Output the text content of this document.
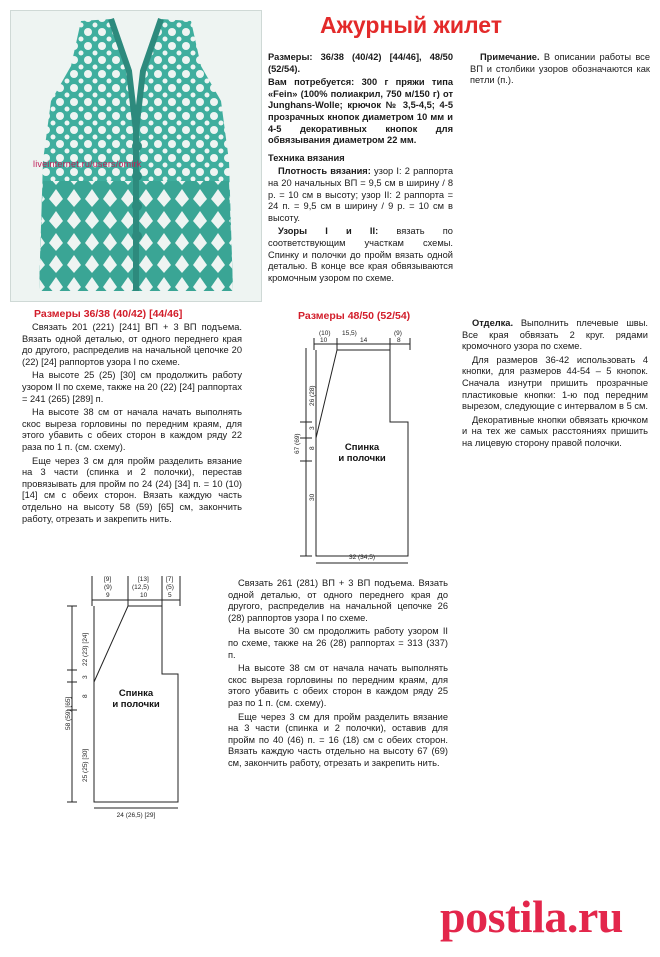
liveinternet.ru/users/omirk
Ажурный жилет

Размеры: 36/38 (40/42) [44/46], 48/50 (52/54).

Вам потребуется: 300 г пряжи типа «Fein» (100% полиакрил, 750 м/150 г) от Junghans-Wolle; крючок № 3,5-4,5; 4-5 прозрачных кнопок диаметром 10 мм и 4-5 декоративных кнопок для обвязывания диаметром 22 мм.

Техника вязания

Плотность вязания: узор I: 2 раппорта на 20 начальных ВП = 9,5 см в ширину / 8 р. = 10 см в высоту; узор II: 2 раппорта = 24 п. = 9,5 см в ширину / 9 р. = 10 см в высоту.

Узоры I и II: вязать по соответствующим участкам схемы. Спинку и полочки до пройм вязать одной деталью. В конце все края обвязываются кромочным узором по схеме.

Примечание. В описании работы все ВП и столбики узоров обозначаются как петли (п.).

Размеры 36/38 (40/42) [44/46]

Связать 201 (221) [241] ВП + 3 ВП подъема. Вязать одной деталью, от одного переднего края до другого, распределив на начальной цепочке 20 (22) [24] раппортов узора I по схеме.

На высоте 25 (25) [30] см продолжить работу узором II по схеме, также на 20 (22) [24] раппортах = 241 (265) [289] п.

На высоте 38 см от начала начать выполнять скос выреза горловины по передним краям, для этого убавить с обеих сторон в каждом ряду 22 раза по 1 п. (см. схему).

Еще через 3 см для пройм разделить вязание на 3 части (спинка и 2 полочки), перестав провязывать для пройм по 24 (24) [34] п. = 10 (10) [14] см с обеих сторон. Вязать каждую часть отдельно на высоту 58 (59) [65] см, закончить работу, отрезать и закрепить нить.

Размеры 48/50 (52/54)

Отделка. Выполнить плечевые швы. Все края обвязать 2 круг. рядами кромочного узора по схеме.

Для размеров 36-42 использовать 4 кнопки, для размеров 44-54 – 5 кнопок. Сначала изнутри пришить прозрачные пластиковые кнопки: 1-ю под передним вырезом, следующие с интервалом в 5 см.

Декоративные кнопки обвязать крючком и на тех же самых расстояниях пришить на лицевую сторону правой полочки.

(10) 15,5)	(9)
10	14	8
26 (28)
3
8
67 (69)
30
Спинка
и полочки
32 (34,5)
[9]	[13]	[7]
(9)	(12,5)	(5)
9	10	5
22 (23) [24]
3
8
58 (59) [65]
25 (25) [30]
Спинка
и полочки
24 (26,5) [29]

Связать 261 (281) ВП + 3 ВП подъема. Вязать одной деталью, от одного переднего края до другого, распределив на начальной цепочке 26 (28) раппортов узора I по схеме.

На высоте 30 см продолжить работу узором II по схеме, также на 26 (28) раппортах = 313 (337) п.

На высоте 38 см от начала начать выполнять скос выреза горловины по передним краям, для этого убавить с обеих сторон в каждом ряду 25 раз по 1 п. (см. схему).

Еще через 3 см для пройм разделить вязание на 3 части (спинка и 2 полочки), оставив для пройм по 40 (46) п. = 16 (18) см с обеих сторон. Вязать каждую часть отдельно на высоту 67 (69) см, закончить работу, отрезать и закрепить нить.

postila.ru
